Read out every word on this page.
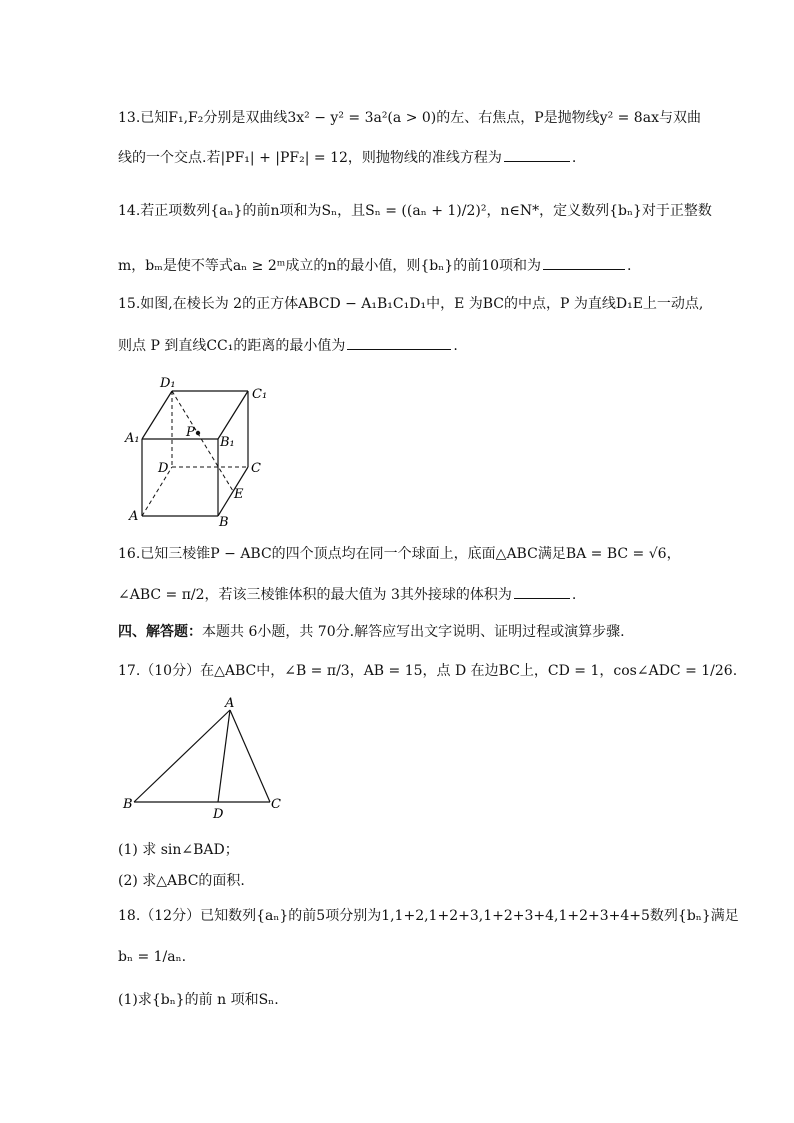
13.已知F₁,F₂分别是双曲线3x² − y² = 3a²(a > 0)的左、右焦点，P是抛物线y² = 8ax与双曲
线的一个交点.若|PF₁| + |PF₂| = 12，则抛物线的准线方程为	.
14.若正项数列{aₙ}的前n项和为Sₙ，且Sₙ = ((aₙ + 1)/2)²，n∈N*，定义数列{bₙ}对于正整数
m，bₘ是使不等式aₙ ≥ 2ᵐ成立的n的最小值，则{bₙ}的前10项和为	.
15.如图,在棱长为 2的正方体ABCD − A₁B₁C₁D₁中，E 为BC的中点，P 为直线D₁E上一动点,
则点 P 到直线CC₁的距离的最小值为	.
D₁
C₁
A₁	B₁
P
D	C
E
A	B
16.已知三棱锥P − ABC的四个顶点均在同一个球面上，底面△ABC满足BA = BC = √6，
∠ABC = π/2，若该三棱锥体积的最大值为 3其外接球的体积为	.
四、解答题：本题共 6小题，共 70分.解答应写出文字说明、证明过程或演算步骤.
17.（10分）在△ABC中，∠B = π/3，AB = 15，点 D 在边BC上，CD = 1，cos∠ADC = 1/26.
A
B	C
D
(1) 求 sin∠BAD；
(2) 求△ABC的面积.
18.（12分）已知数列{aₙ}的前5项分别为1,1+2,1+2+3,1+2+3+4,1+2+3+4+5数列{bₙ}满足
bₙ = 1/aₙ.
(1)求{bₙ}的前 n 项和Sₙ.
